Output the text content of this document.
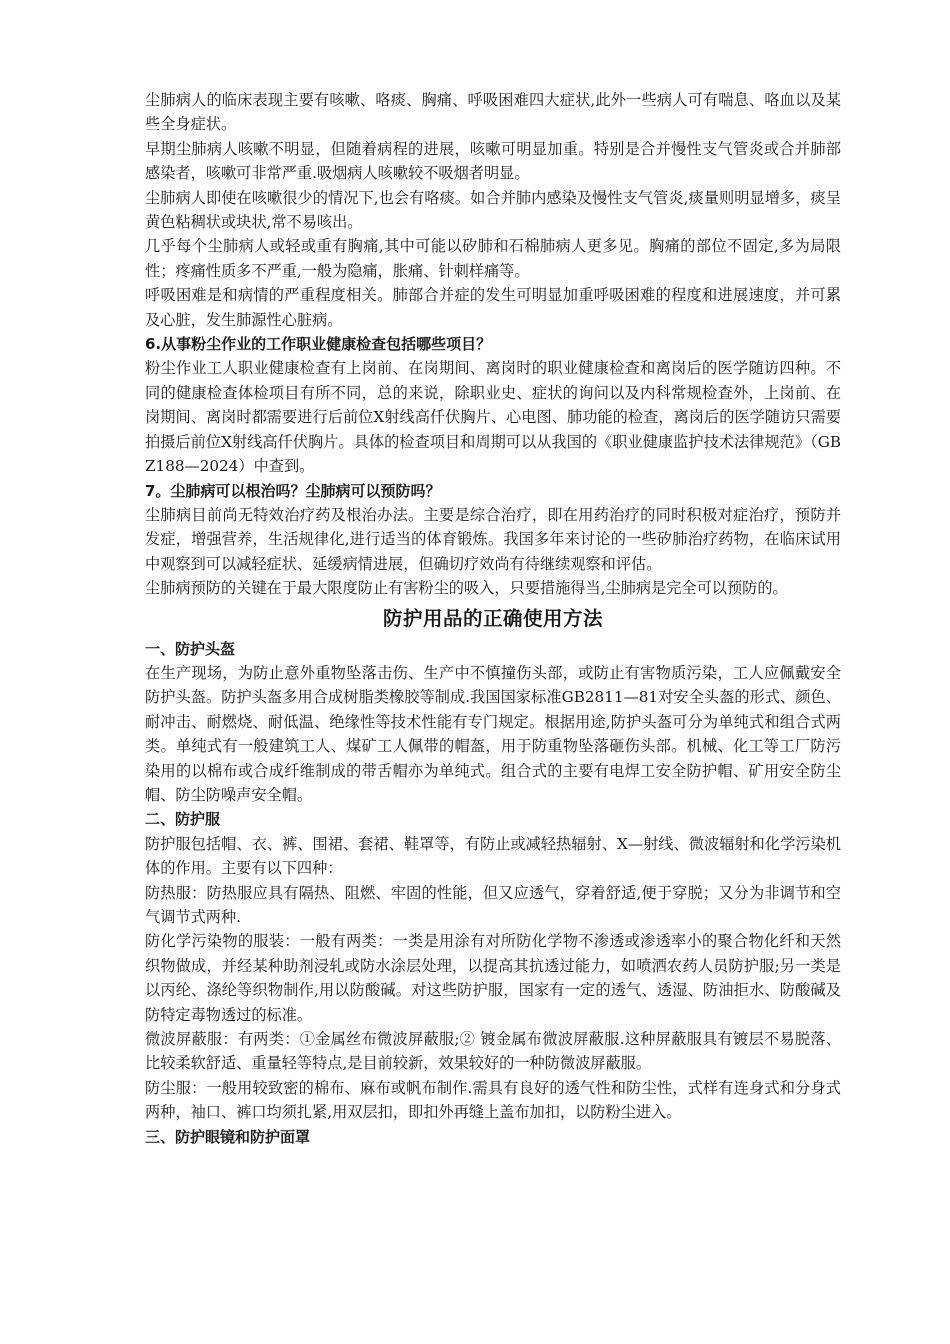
尘肺病人的临床表现主要有咳嗽、咯痰、胸痛、呼吸困难四大症状,此外一些病人可有喘息、咯血以及某些全身症状。

早期尘肺病人咳嗽不明显，但随着病程的进展，咳嗽可明显加重。特别是合并慢性支气管炎或合并肺部感染者，咳嗽可非常严重.吸烟病人咳嗽较不吸烟者明显。

尘肺病人即使在咳嗽很少的情况下,也会有咯痰。如合并肺内感染及慢性支气管炎,痰量则明显增多，痰呈黄色粘稠状或块状,常不易咳出。

几乎每个尘肺病人或轻或重有胸痛,其中可能以矽肺和石棉肺病人更多见。胸痛的部位不固定,多为局限性；疼痛性质多不严重,一般为隐痛，胀痛、针刺样痛等。

呼吸困难是和病情的严重程度相关。肺部合并症的发生可明显加重呼吸困难的程度和进展速度，并可累及心脏，发生肺源性心脏病。

6.从事粉尘作业的工作职业健康检查包括哪些项目？

粉尘作业工人职业健康检查有上岗前、在岗期间、离岗时的职业健康检查和离岗后的医学随访四种。不同的健康检查体检项目有所不同，总的来说，除职业史、症状的询问以及内科常规检查外，上岗前、在岗期间、离岗时都需要进行后前位X射线高仟伏胸片、心电图、肺功能的检查，离岗后的医学随访只需要拍摄后前位X射线高仟伏胸片。具体的检查项目和周期可以从我国的《职业健康监护技术法律规范》（GBZ188—2024）中查到。

7。尘肺病可以根治吗？尘肺病可以预防吗？

尘肺病目前尚无特效治疗药及根治办法。主要是综合治疗，即在用药治疗的同时积极对症治疗，预防并发症，增强营养，生活规律化,进行适当的体育锻炼。我国多年来讨论的一些矽肺治疗药物，在临床试用中观察到可以减轻症状、延缓病情进展，但确切疗效尚有待继续观察和评估。

尘肺病预防的关键在于最大限度防止有害粉尘的吸入，只要措施得当,尘肺病是完全可以预防的。

防护用品的正确使用方法

一、防护头盔

在生产现场，为防止意外重物坠落击伤、生产中不慎撞伤头部，或防止有害物质污染，工人应佩戴安全防护头盔。防护头盔多用合成树脂类橡胶等制成.我国国家标准GB2811—81对安全头盔的形式、颜色、耐冲击、耐燃烧、耐低温、绝缘性等技术性能有专门规定。根据用途,防护头盔可分为单纯式和组合式两类。单纯式有一般建筑工人、煤矿工人佩带的帽盔，用于防重物坠落砸伤头部。机械、化工等工厂防污染用的以棉布或合成纤维制成的带舌帽亦为单纯式。组合式的主要有电焊工安全防护帽、矿用安全防尘帽、防尘防噪声安全帽。

二、防护服

防护服包括帽、衣、裤、围裙、套裙、鞋罩等，有防止或减轻热辐射、X—射线、微波辐射和化学污染机体的作用。主要有以下四种：

防热服：防热服应具有隔热、阻燃、牢固的性能，但又应透气，穿着舒适,便于穿脱；又分为非调节和空气调节式两种.

防化学污染物的服装：一般有两类：一类是用涂有对所防化学物不渗透或渗透率小的聚合物化纤和天然织物做成，并经某种助剂浸轧或防水涂层处理，以提高其抗透过能力，如喷洒农药人员防护服;另一类是以丙纶、涤纶等织物制作,用以防酸碱。对这些防护服，国家有一定的透气、透湿、防油拒水、防酸碱及防特定毒物透过的标准。

微波屏蔽服：有两类：①金属丝布微波屏蔽服;② 镀金属布微波屏蔽服.这种屏蔽服具有镀层不易脱落、比较柔软舒适、重量轻等特点,是目前较新，效果较好的一种防微波屏蔽服。

防尘服：一般用较致密的棉布、麻布或帆布制作.需具有良好的透气性和防尘性，式样有连身式和分身式两种，袖口、裤口均须扎紧,用双层扣，即扣外再缝上盖布加扣，以防粉尘进入。

三、防护眼镜和防护面罩
